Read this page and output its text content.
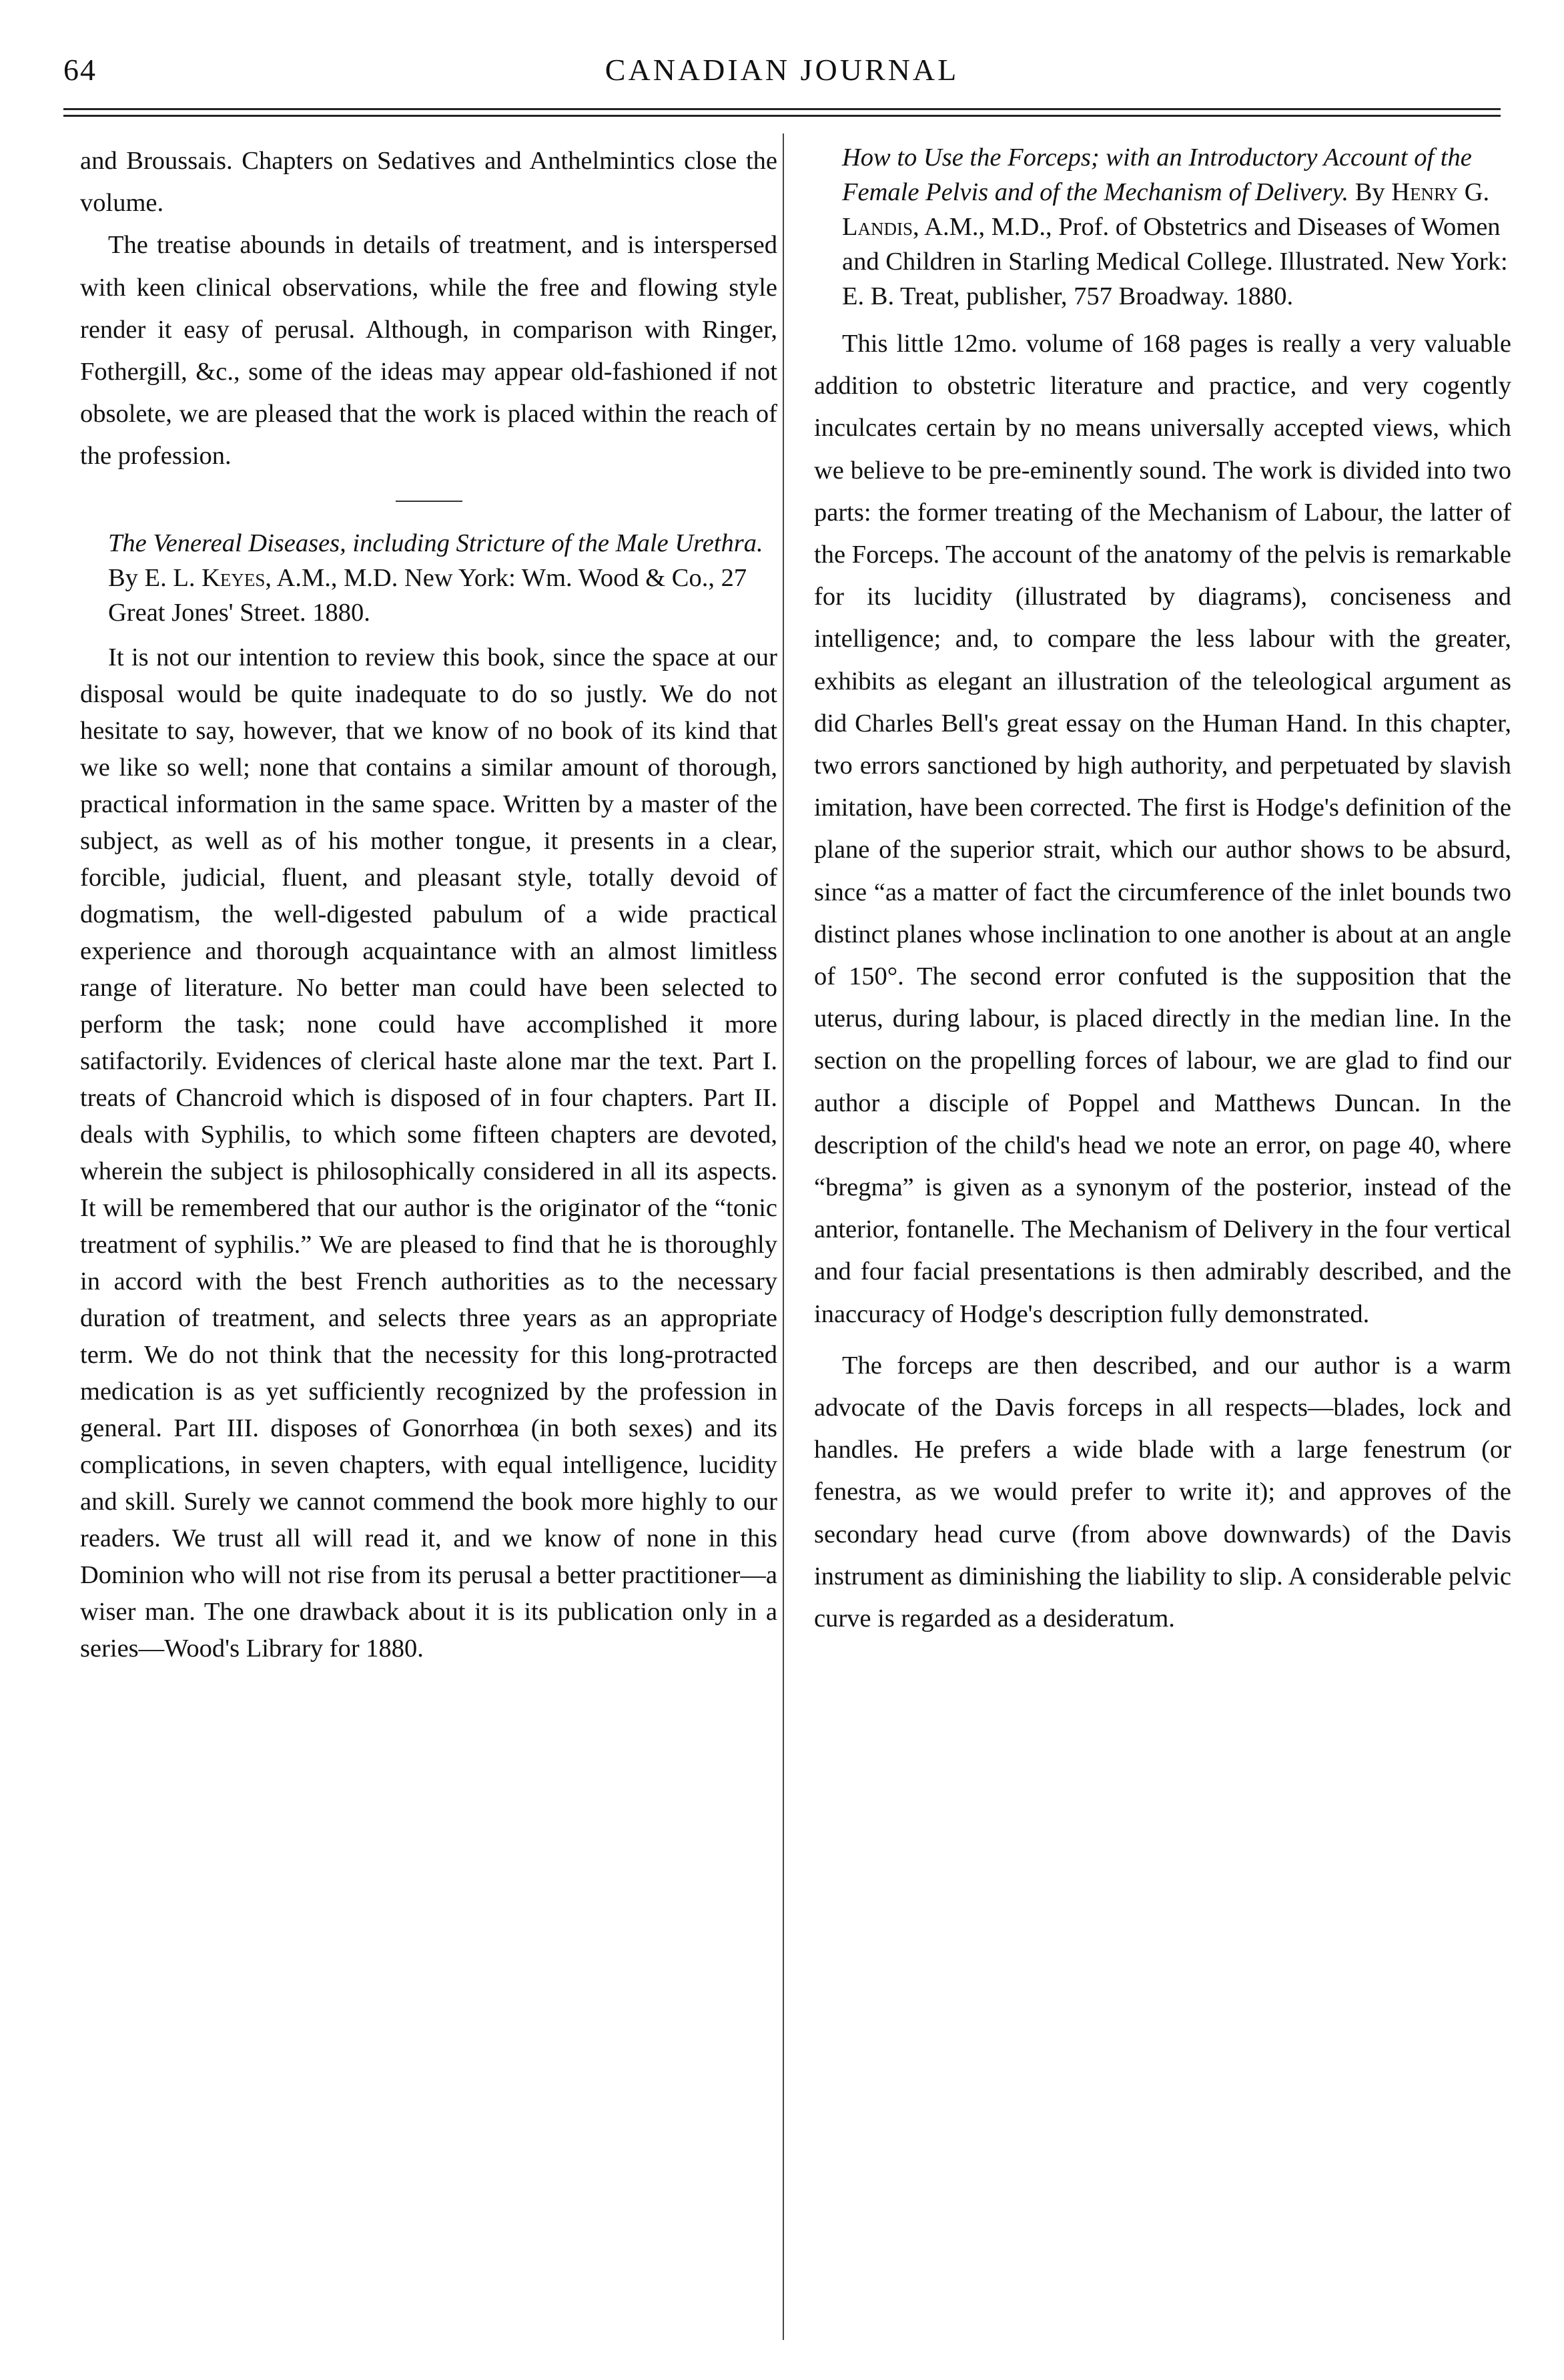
64	CANADIAN JOURNAL

and Broussais. Chapters on Sedatives and Anthelmintics close the volume.

The treatise abounds in details of treatment, and is interspersed with keen clinical observations, while the free and flowing style render it easy of perusal. Although, in comparison with Ringer, Fothergill, &c., some of the ideas may appear old-fashioned if not obsolete, we are pleased that the work is placed within the reach of the profession.

The Venereal Diseases, including Stricture of the Male Urethra. By E. L. Keyes, A.M., M.D. New York: Wm. Wood & Co., 27 Great Jones' Street. 1880.

It is not our intention to review this book, since the space at our disposal would be quite inadequate to do so justly. We do not hesitate to say, however, that we know of no book of its kind that we like so well; none that contains a similar amount of thorough, practical information in the same space. Written by a master of the subject, as well as of his mother tongue, it presents in a clear, forcible, judicial, fluent, and pleasant style, totally devoid of dogmatism, the well-digested pabulum of a wide practical experience and thorough acquaintance with an almost limitless range of literature. No better man could have been selected to perform the task; none could have accomplished it more satifactorily. Evidences of clerical haste alone mar the text. Part I. treats of Chancroid which is disposed of in four chapters. Part II. deals with Syphilis, to which some fifteen chapters are devoted, wherein the subject is philosophically considered in all its aspects. It will be remembered that our author is the originator of the “tonic treatment of syphilis.” We are pleased to find that he is thoroughly in accord with the best French authorities as to the necessary duration of treatment, and selects three years as an appropriate term. We do not think that the necessity for this long-protracted medication is as yet sufficiently recognized by the profession in general. Part III. disposes of Gonorrhœa (in both sexes) and its complications, in seven chapters, with equal intelligence, lucidity and skill. Surely we cannot commend the book more highly to our readers. We trust all will read it, and we know of none in this Dominion who will not rise from its perusal a better practitioner—a wiser man. The one drawback about it is its publication only in a series—Wood's Library for 1880.

How to Use the Forceps; with an Introductory Account of the Female Pelvis and of the Mechanism of Delivery. By Henry G. Landis, A.M., M.D., Prof. of Obstetrics and Diseases of Women and Children in Starling Medical College. Illustrated. New York: E. B. Treat, publisher, 757 Broadway. 1880.

This little 12mo. volume of 168 pages is really a very valuable addition to obstetric literature and practice, and very cogently inculcates certain by no means universally accepted views, which we believe to be pre-eminently sound. The work is divided into two parts: the former treating of the Mechanism of Labour, the latter of the Forceps. The account of the anatomy of the pelvis is remarkable for its lucidity (illustrated by diagrams), conciseness and intelligence; and, to compare the less labour with the greater, exhibits as elegant an illustration of the teleological argument as did Charles Bell's great essay on the Human Hand. In this chapter, two errors sanctioned by high authority, and perpetuated by slavish imitation, have been corrected. The first is Hodge's definition of the plane of the superior strait, which our author shows to be absurd, since “as a matter of fact the circumference of the inlet bounds two distinct planes whose inclination to one another is about at an angle of 150°. The second error confuted is the supposition that the uterus, during labour, is placed directly in the median line. In the section on the propelling forces of labour, we are glad to find our author a disciple of Poppel and Matthews Duncan. In the description of the child's head we note an error, on page 40, where “bregma” is given as a synonym of the posterior, instead of the anterior, fontanelle. The Mechanism of Delivery in the four vertical and four facial presentations is then admirably described, and the inaccuracy of Hodge's description fully demonstrated.

The forceps are then described, and our author is a warm advocate of the Davis forceps in all respects—blades, lock and handles. He prefers a wide blade with a large fenestrum (or fenestra, as we would prefer to write it); and approves of the secondary head curve (from above downwards) of the Davis instrument as diminishing the liability to slip. A considerable pelvic curve is regarded as a desideratum.
